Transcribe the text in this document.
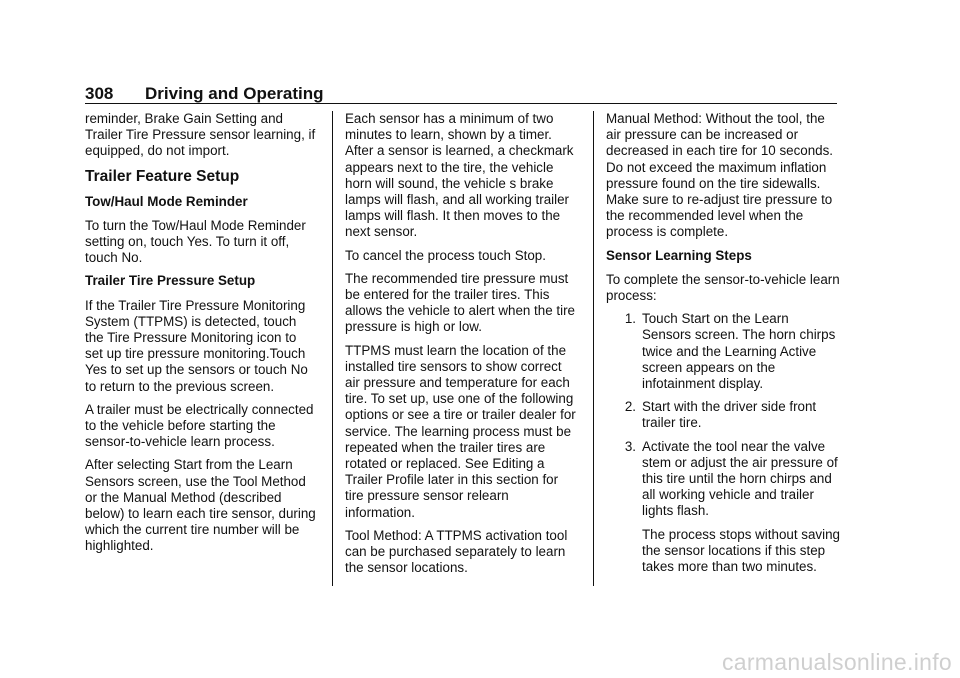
308	Driving and Operating

reminder, Brake Gain Setting and Trailer Tire Pressure sensor learning, if equipped, do not import.

Trailer Feature Setup
Tow/Haul Mode Reminder

To turn the Tow/Haul Mode Reminder setting on, touch Yes. To turn it off, touch No.

Trailer Tire Pressure Setup

If the Trailer Tire Pressure Monitoring System (TTPMS) is detected, touch the Tire Pressure Monitoring icon to set up tire pressure monitoring.Touch Yes to set up the sensors or touch No to return to the previous screen.

A trailer must be electrically connected to the vehicle before starting the sensor-to-vehicle learn process.

After selecting Start from the Learn Sensors screen, use the Tool Method or the Manual Method (described below) to learn each tire sensor, during which the current tire number will be highlighted.

Each sensor has a minimum of two minutes to learn, shown by a timer. After a sensor is learned, a checkmark appears next to the tire, the vehicle horn will sound, the vehicle s brake lamps will flash, and all working trailer lamps will flash. It then moves to the next sensor.

To cancel the process touch Stop.

The recommended tire pressure must be entered for the trailer tires. This allows the vehicle to alert when the tire pressure is high or low.

TTPMS must learn the location of the installed tire sensors to show correct air pressure and temperature for each tire. To set up, use one of the following options or see a tire or trailer dealer for service. The learning process must be repeated when the trailer tires are rotated or replaced. See Editing a Trailer Profile later in this section for tire pressure sensor relearn information.

Tool Method: A TTPMS activation tool can be purchased separately to learn the sensor locations.

Manual Method: Without the tool, the air pressure can be increased or decreased in each tire for 10 seconds. Do not exceed the maximum inflation pressure found on the tire sidewalls. Make sure to re-adjust tire pressure to the recommended level when the process is complete.

Sensor Learning Steps

To complete the sensor-to-vehicle learn process:

1. Touch Start on the Learn Sensors screen. The horn chirps twice and the Learning Active screen appears on the infotainment display.
2. Start with the driver side front trailer tire.
3. Activate the tool near the valve stem or adjust the air pressure of this tire until the horn chirps and all working vehicle and trailer lights flash.

The process stops without saving the sensor locations if this step takes more than two minutes.

carmanualsonline.info
